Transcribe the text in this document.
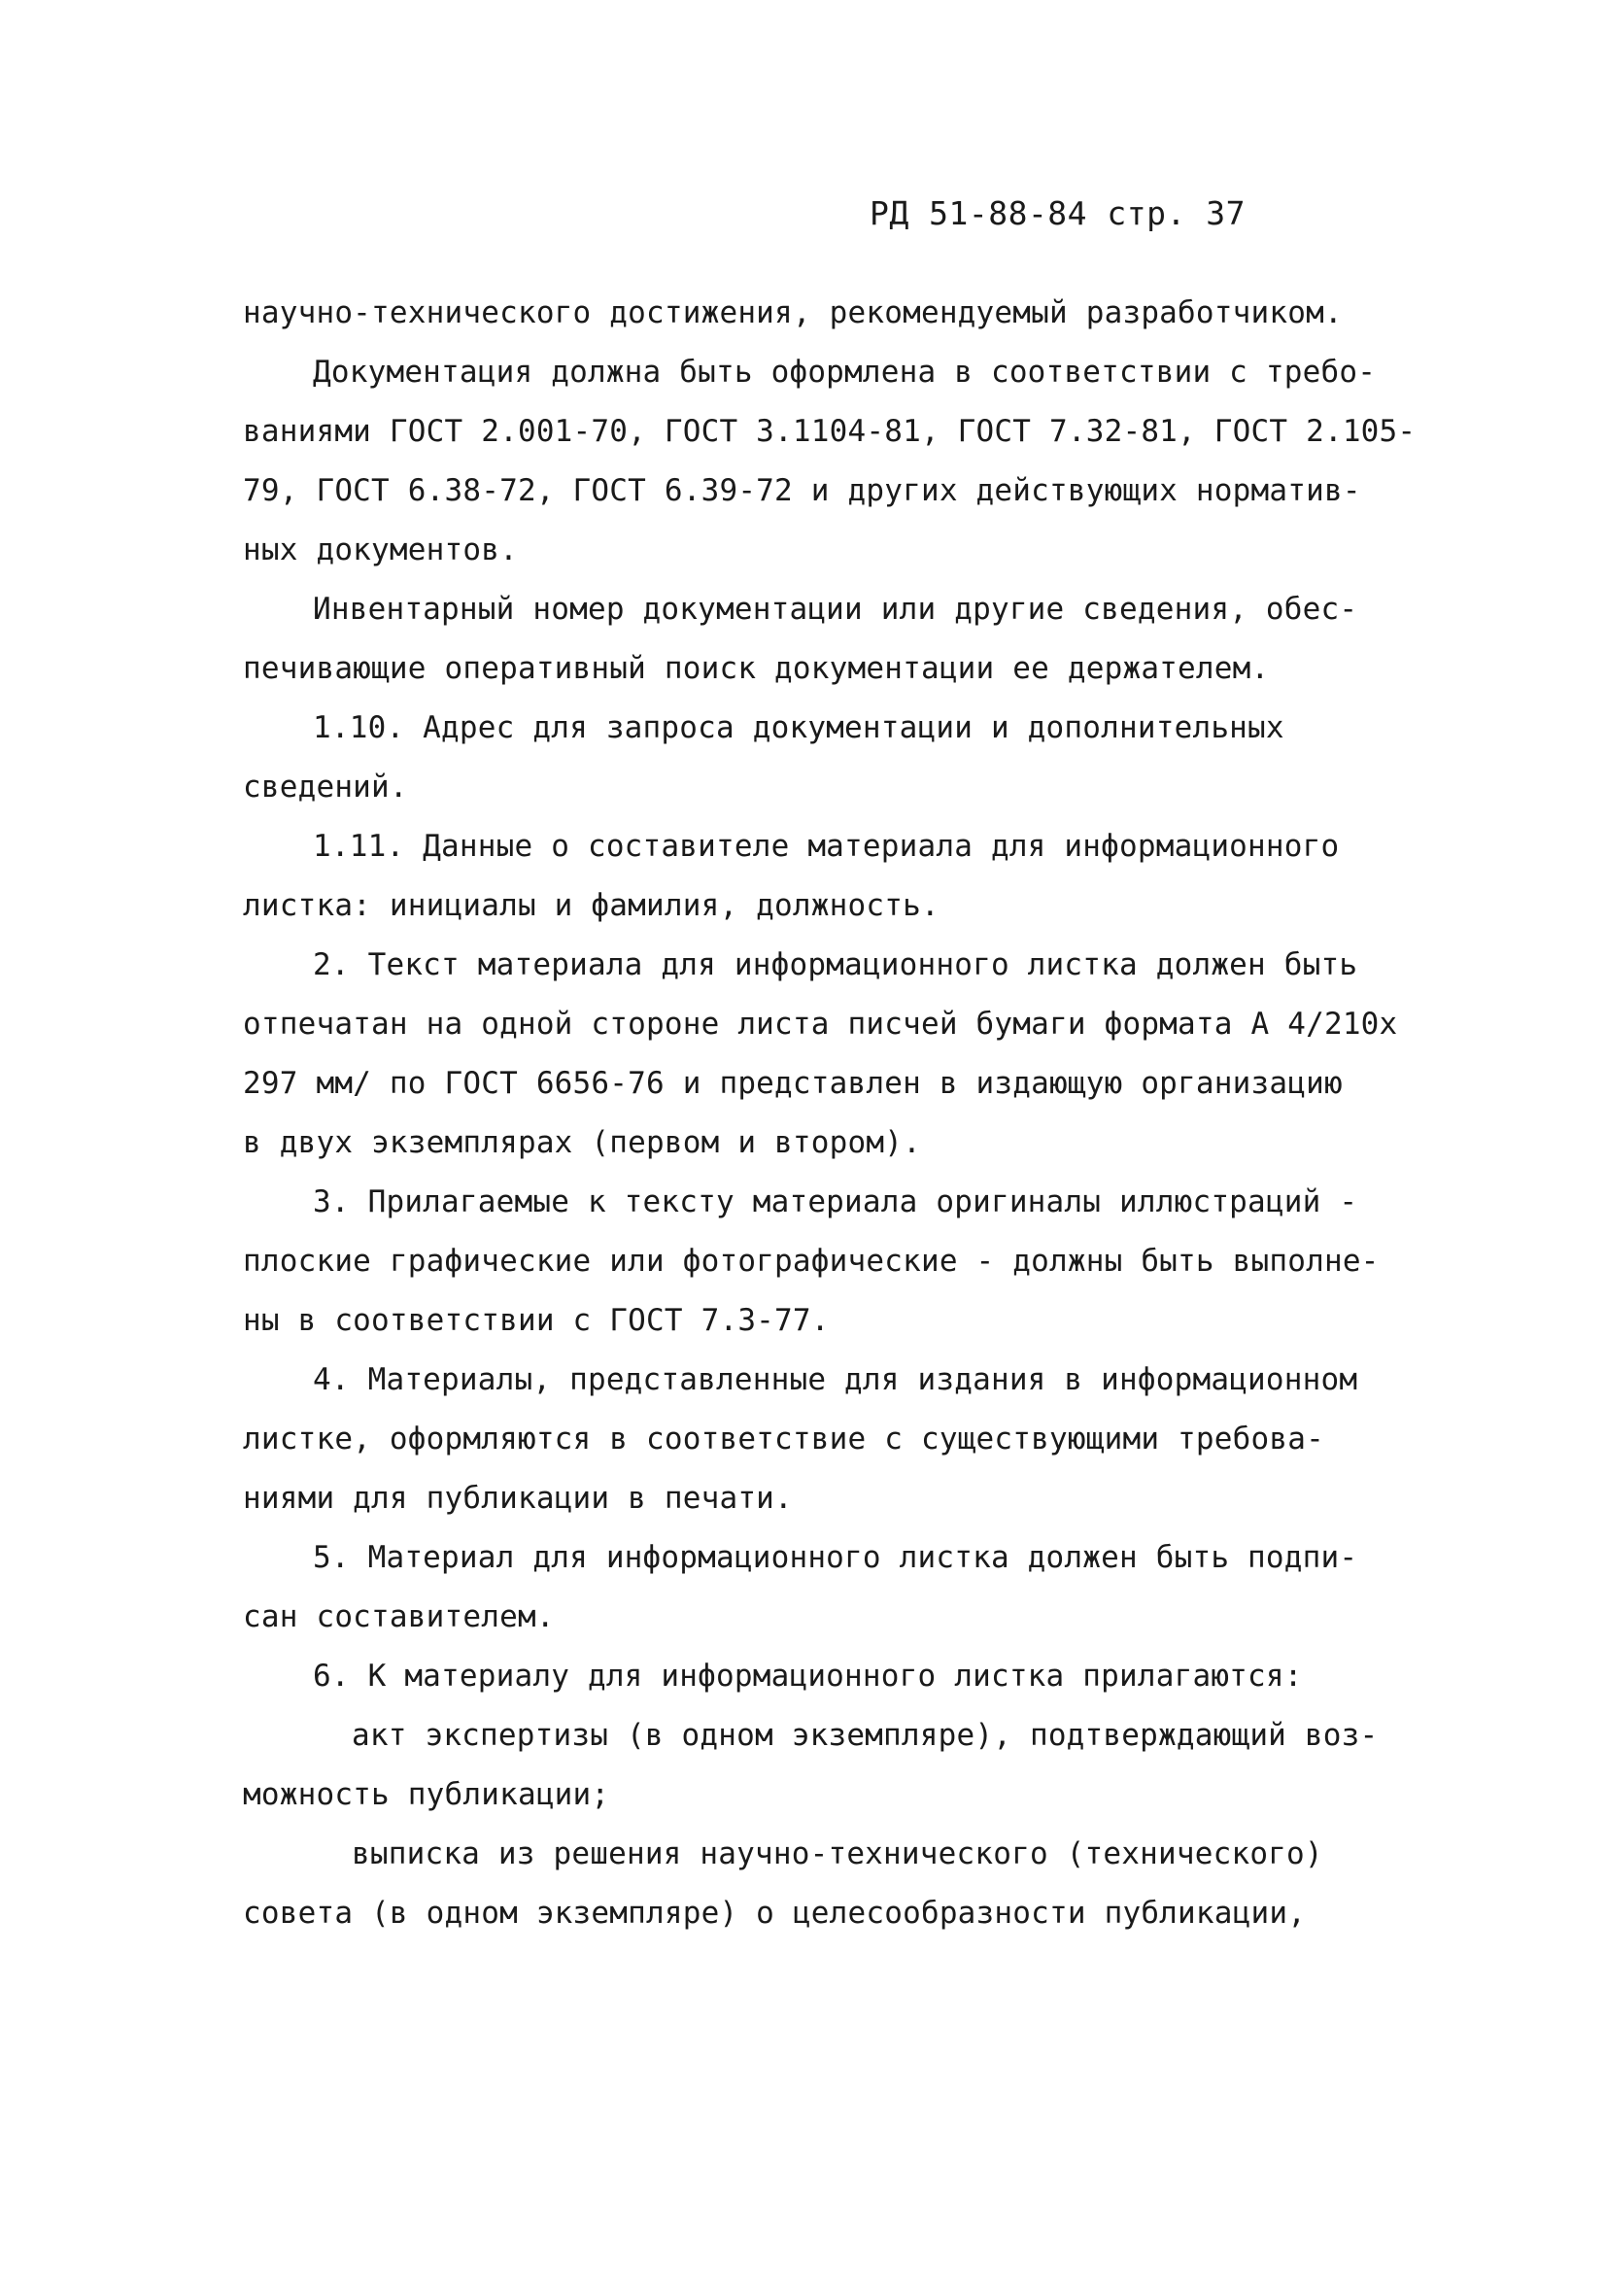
РД 51-88-84 стр. 37
научно-технического достижения, рекомендуемый разработчиком.
Документация должна быть оформлена в соответствии с требо-
ваниями ГОСТ 2.001-70, ГОСТ 3.1104-81, ГОСТ 7.32-81, ГОСТ 2.105-
79, ГОСТ 6.38-72, ГОСТ 6.39-72 и других действующих норматив-
ных документов.
Инвентарный номер документации или другие сведения, обес-
печивающие оперативный поиск документации ее держателем.
1.10. Адрес для запроса документации и дополнительных
сведений.
1.11. Данные о составителе материала для информационного
листка: инициалы и фамилия, должность.
2. Текст материала для информационного листка должен быть
отпечатан на одной стороне листа писчей бумаги формата А 4/210х
297 мм/ по ГОСТ 6656-76 и представлен в издающую организацию
в двух экземплярах (первом и втором).
3. Прилагаемые к тексту материала оригиналы иллюстраций -
плоские графические или фотографические - должны быть выполне-
ны в соответствии с ГОСТ 7.3-77.
4. Материалы, представленные для издания в информационном
листке, оформляются в соответствие с существующими требова-
ниями для публикации в печати.
5. Материал для информационного листка должен быть подпи-
сан составителем.
6. К материалу для информационного листка прилагаются:
акт экспертизы (в одном экземпляре), подтверждающий воз-
можность публикации;
выписка из решения научно-технического (технического)
совета (в одном экземпляре) о целесообразности публикации,
